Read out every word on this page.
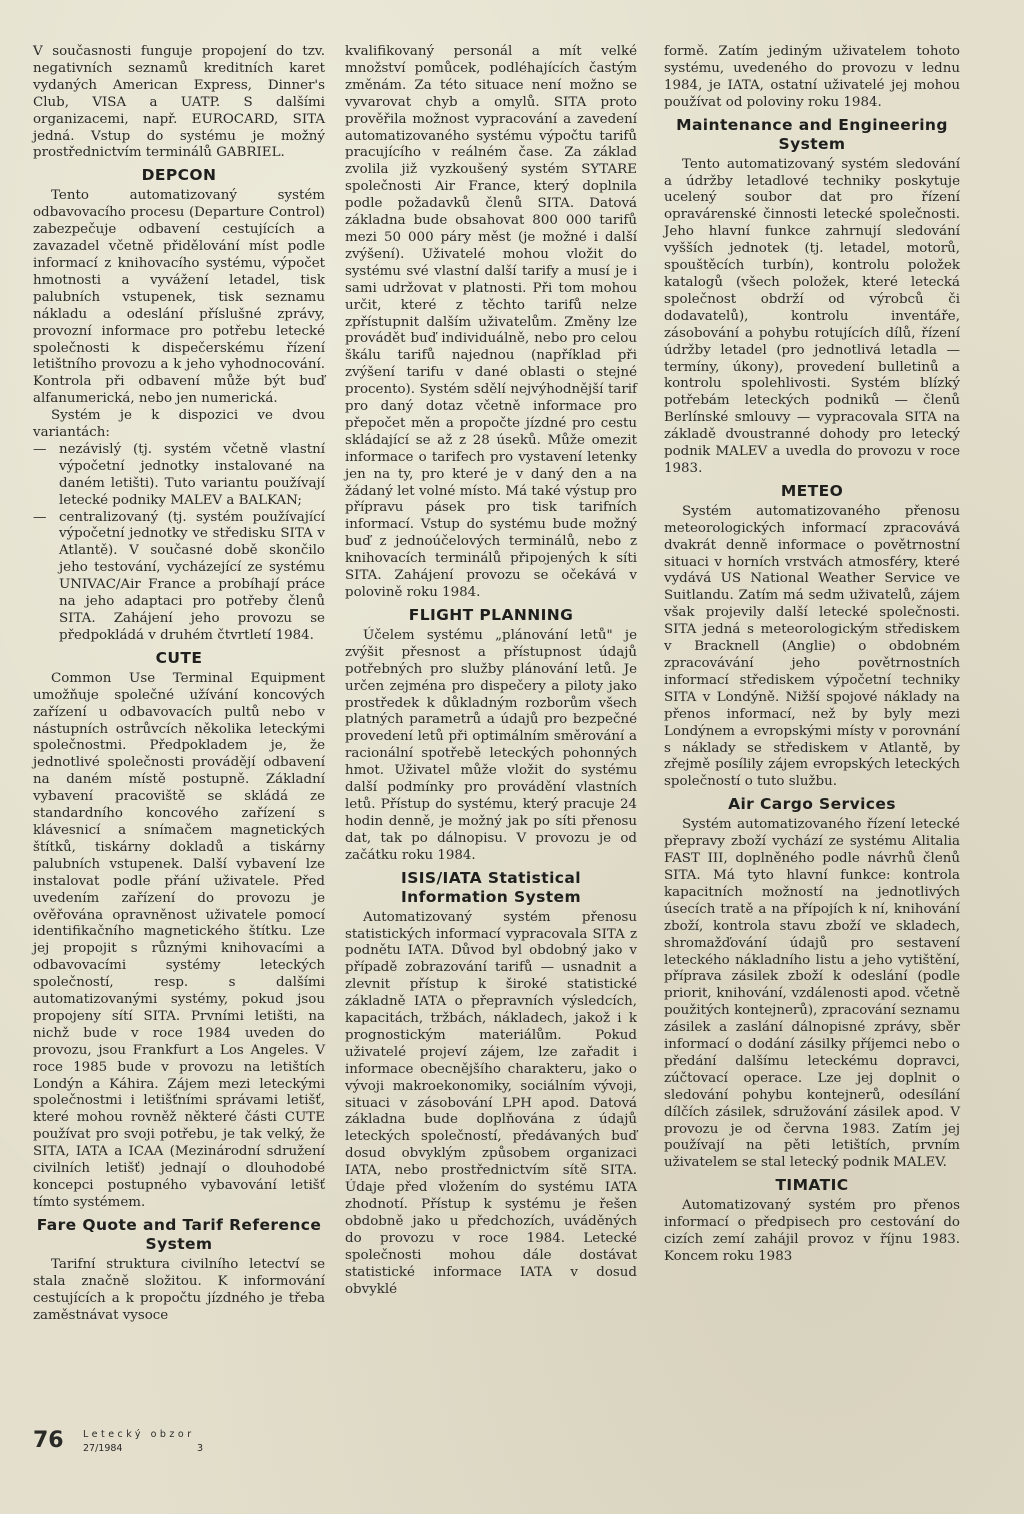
V současnosti funguje propojení do tzv. negativních seznamů kreditních karet vydaných American Express, Dinner's Club, VISA a UATP. S dalšími organizacemi, např. EUROCARD, SITA jedná. Vstup do systému je možný prostřednictvím terminálů GABRIEL.

DEPCON

Tento automatizovaný systém odbavovacího procesu (Departure Control) zabezpečuje odbavení cestujících a zavazadel včetně přidělování míst podle informací z knihovacího systému, výpočet hmotnosti a vyvážení letadel, tisk palubních vstupenek, tisk seznamu nákladu a odeslání příslušné zprávy, provozní informace pro potřebu letecké společnosti k dispečerskému řízení letištního provozu a k jeho vyhodnocování. Kontrola při odbavení může být buď alfanumerická, nebo jen numerická.

Systém je k dispozici ve dvou variantách:

— nezávislý (tj. systém včetně vlastní výpočetní jednotky instalované na daném letišti). Tuto variantu používají letecké podniky MALEV a BALKAN;
— centralizovaný (tj. systém používající výpočetní jednotky ve středisku SITA v Atlantě). V současné době skončilo jeho testování, vycházející ze systému UNIVAC/Air France a probíhají práce na jeho adaptaci pro potřeby členů SITA. Zahájení jeho provozu se předpokládá v druhém čtvrtletí 1984.
CUTE

Common Use Terminal Equipment umožňuje společné užívání koncových zařízení u odbavovacích pultů nebo v nástupních ostrůvcích několika leteckými společnostmi. Předpokladem je, že jednotlivé společnosti provádějí odbavení na daném místě postupně. Základní vybavení pracoviště se skládá ze standardního koncového zařízení s klávesnicí a snímačem magnetických štítků, tiskárny dokladů a tiskárny palubních vstupenek. Další vybavení lze instalovat podle přání uživatele. Před uvedením zařízení do provozu je ověřována opravněnost uživatele pomocí identifikačního magnetického štítku. Lze jej propojit s různými knihovacími a odbavovacími systémy leteckých společností, resp. s dalšími automatizovanými systémy, pokud jsou propojeny sítí SITA. Prvními letišti, na nichž bude v roce 1984 uveden do provozu, jsou Frankfurt a Los Angeles. V roce 1985 bude v provozu na letištích Londýn a Káhira. Zájem mezi leteckými společnostmi i letišťními správami letišť, které mohou rovněž některé části CUTE používat pro svoji potřebu, je tak velký, že SITA, IATA a ICAA (Mezinárodní sdružení civilních letišť) jednají o dlouhodobé koncepci postupného vybavování letišť tímto systémem.

Fare Quote and Tarif Reference System

Tarifní struktura civilního letectví se stala značně složitou. K informování cestujících a k propočtu jízdného je třeba zaměstnávat vysoce

kvalifikovaný personál a mít velké množství pomůcek, podléhajících častým změnám. Za této situace není možno se vyvarovat chyb a omylů. SITA proto prověřila možnost vypracování a zavedení automatizovaného systému výpočtu tarifů pracujícího v reálném čase. Za základ zvolila již vyzkoušený systém SYTARE společnosti Air France, který doplnila podle požadavků členů SITA. Datová základna bude obsahovat 800 000 tarifů mezi 50 000 páry měst (je možné i další zvýšení). Uživatelé mohou vložit do systému své vlastní další tarify a musí je i sami udržovat v platnosti. Při tom mohou určit, které z těchto tarifů nelze zpřístupnit dalším uživatelům. Změny lze provádět buď individuálně, nebo pro celou škálu tarifů najednou (například při zvýšení tarifu v dané oblasti o stejné procento). Systém sdělí nejvýhodnější tarif pro daný dotaz včetně informace pro přepočet měn a propočte jízdné pro cestu skládající se až z 28 úseků. Může omezit informace o tarifech pro vystavení letenky jen na ty, pro které je v daný den a na žádaný let volné místo. Má také výstup pro přípravu pásek pro tisk tarifních informací. Vstup do systému bude možný buď z jednoúčelových terminálů, nebo z knihovacích terminálů připojených k síti SITA. Zahájení provozu se očekává v polovině roku 1984.

FLIGHT PLANNING

Účelem systému „plánování letů" je zvýšit přesnost a přístupnost údajů potřebných pro služby plánování letů. Je určen zejména pro dispečery a piloty jako prostředek k důkladným rozborům všech platných parametrů a údajů pro bezpečné provedení letů při optimálním směrování a racionální spotřebě leteckých pohonných hmot. Uživatel může vložit do systému další podmínky pro provádění vlastních letů. Přístup do systému, který pracuje 24 hodin denně, je možný jak po síti přenosu dat, tak po dálnopisu. V provozu je od začátku roku 1984.

ISIS/IATA Statistical Information System

Automatizovaný systém přenosu statistických informací vypracovala SITA z podnětu IATA. Důvod byl obdobný jako v případě zobrazování tarifů — usnadnit a zlevnit přístup k široké statistické základně IATA o přepravních výsledcích, kapacitách, tržbách, nákladech, jakož i k prognostickým materiálům. Pokud uživatelé projeví zájem, lze zařadit i informace obecnějšího charakteru, jako o vývoji makroekonomiky, sociálním vývoji, situaci v zásobování LPH apod. Datová základna bude doplňována z údajů leteckých společností, předávaných buď dosud obvyklým způsobem organizaci IATA, nebo prostřednictvím sítě SITA. Údaje před vložením do systému IATA zhodnotí. Přístup k systému je řešen obdobně jako u předchozích, uváděných do provozu v roce 1984. Letecké společnosti mohou dále dostávat statistické informace IATA v dosud obvyklé

formě. Zatím jediným uživatelem tohoto systému, uvedeného do provozu v lednu 1984, je IATA, ostatní uživatelé jej mohou používat od poloviny roku 1984.

Maintenance and Engineering System

Tento automatizovaný systém sledování a údržby letadlové techniky poskytuje ucelený soubor dat pro řízení opravárenské činnosti letecké společnosti. Jeho hlavní funkce zahrnují sledování vyšších jednotek (tj. letadel, motorů, spouštěcích turbín), kontrolu položek katalogů (všech položek, které letecká společnost obdrží od výrobců či dodavatelů), kontrolu inventáře, zásobování a pohybu rotujících dílů, řízení údržby letadel (pro jednotlivá letadla — termíny, úkony), provedení bulletinů a kontrolu spolehlivosti. Systém blízký potřebám leteckých podniků — členů Berlínské smlouvy — vypracovala SITA na základě dvoustranné dohody pro letecký podnik MALEV a uvedla do provozu v roce 1983.

METEO

Systém automatizovaného přenosu meteorologických informací zpracovává dvakrát denně informace o povětrnostní situaci v horních vrstvách atmosféry, které vydává US National Weather Service ve Suitlandu. Zatím má sedm uživatelů, zájem však projevily další letecké společnosti. SITA jedná s meteorologickým střediskem v Bracknell (Anglie) o obdobném zpracovávání jeho povětrnostních informací střediskem výpočetní techniky SITA v Londýně. Nižší spojové náklady na přenos informací, než by byly mezi Londýnem a evropskými místy v porovnání s náklady se střediskem v Atlantě, by zřejmě posílily zájem evropských leteckých společností o tuto službu.

Air Cargo Services

Systém automatizovaného řízení letecké přepravy zboží vychází ze systému Alitalia FAST III, doplněného podle návrhů členů SITA. Má tyto hlavní funkce: kontrola kapacitních možností na jednotlivých úsecích tratě a na přípojích k ní, knihování zboží, kontrola stavu zboží ve skladech, shromažďování údajů pro sestavení leteckého nákladního listu a jeho vytištění, příprava zásilek zboží k odeslání (podle priorit, knihování, vzdálenosti apod. včetně použitých kontejnerů), zpracování seznamu zásilek a zaslání dálnopisné zprávy, sběr informací o dodání zásilky příjemci nebo o předání dalšímu leteckému dopravci, zúčtovací operace. Lze jej doplnit o sledování pohybu kontejnerů, odesílání dílčích zásilek, sdružování zásilek apod. V provozu je od června 1983. Zatím jej používají na pěti letištích, prvním uživatelem se stal letecký podnik MALEV.

TIMATIC

Automatizovaný systém pro přenos informací o předpisech pro cestování do cizích zemí zahájil provoz v říjnu 1983. Koncem roku 1983

76 Letecký obzor
27/1984	3
